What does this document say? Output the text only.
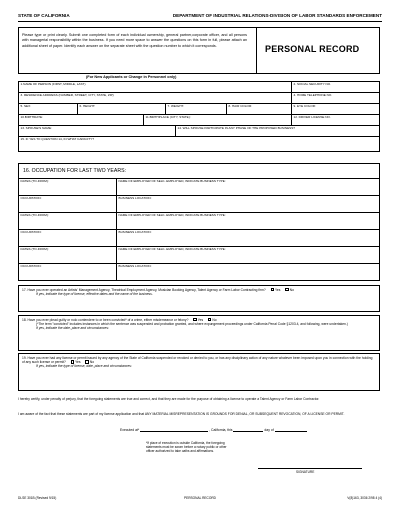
STATE OF CALIFORNIA	DEPARTMENT OF INDUSTRIAL RELATIONS-DIVISION OF LABOR STANDARDS ENFORCEMENT
Please type or print clearly. Submit one completed form of each individual ownership, general partner,corporate officer, and all persons with managerial responsibility within the business. If you need more space to answer the questions on this form in full, please attach an additional sheet of paper. Identify each answer on the separate sheet with the question number to which it corresponds.	PERSONAL RECORD
(For New Applicants or Change in Personnel only)
1.NAME OF PERSON (FIRST, MIDDLE, LAST)	2. SOCIAL SECURITY NO.
3. RESIDENCE ADDRESS (NUMBER, STREET, CITY, STATE, ZIP)	4. HOME TELEPHONE NO.
5. SEX:	6. HEIGHT:	7. WEIGHT:	8. HAIR COLOR:	9. EYE COLOR:
10.BIRTHDATE:	11.BIRTHPLACE (CITY, STATE):	12. DRIVER LICENSE NO.
13. SPOUSE'S NAME:	14. WILL SPOUSE PARTICIPATE IN ANY PHASE OF THE PROPOSED BUSINESS?
15. IF YES TO QUESTION 14, IN WHAT CAPACITY?
16. OCCUPATION FOR LAST TWO YEARS:
DATES (TO-FROM):	NAME OF EMPLOYER OF SELF- EMPLOYED, INDICATE BUSINESS TYPE:
OCCUPATION:	BUSINESS LOCATION:
DATES (TO-FROM):	NAME OF EMPLOYER OF SELF- EMPLOYED, INDICATE BUSINESS TYPE:
OCCUPATION:	BUSINESS LOCATION:
DATES (TO-FROM):	NAME OF EMPLOYER OF SELF- EMPLOYED, INDICATE BUSINESS TYPE:
OCCUPATION:	BUSINESS LOCATION:
17. Have you ever operated an Artists' Management Agency, Theatrical Employment Agency, Musician Booking Agency, Talent Agency or Farm Labor Contracting firm?	Yes	No
If yes, indicate the type of license, effective dates and the name of the business.
18. Have you ever plead guilty or nolo contendere to or been convicted* of a crime, either misdemeanor or felony?	Yes	No
(*The term "convicted" includes instances in which the sentence was suspended and probation granted, and where expungement proceedings under California Penal Code §1203.4, and following, were undertaken.)
If yes, indicate the date, place and circumstances:
19. Have you ever had any license or permit issued by any agency of the State of California suspended or revoked or denied to you, or has any disciplinary action of any nature whatever been imposed upon you in connection with the holding of any such license or permit?	Yes	No
If yes, indicate the type of license, date, place and circumstances:
I hereby certify, under penalty of perjury, that the foregoing statements are true and correct, and that they are made for the purpose of obtaining a license to operate a Talent Agency or Farm Labor Contractor.
I am aware of the fact that these statements are part of my license application and that ANY MATERIAL MISREPRESENTATION IS GROUNDS FOR DENIAL, OR SUBSEQUENT REVOCATION, OF A LICENSE OR PERMIT.
Executed at*	, California, this	day of
*If place of execution is outside California, the foregoing statements must be sworn before a notary public or other officer authorized to take oaths and affirmations.
SIGNATURE
DLSE 301B (Revised 9/15)	PERSONAL RECORD	V(8)163, 3036 2/98 4 (4)
